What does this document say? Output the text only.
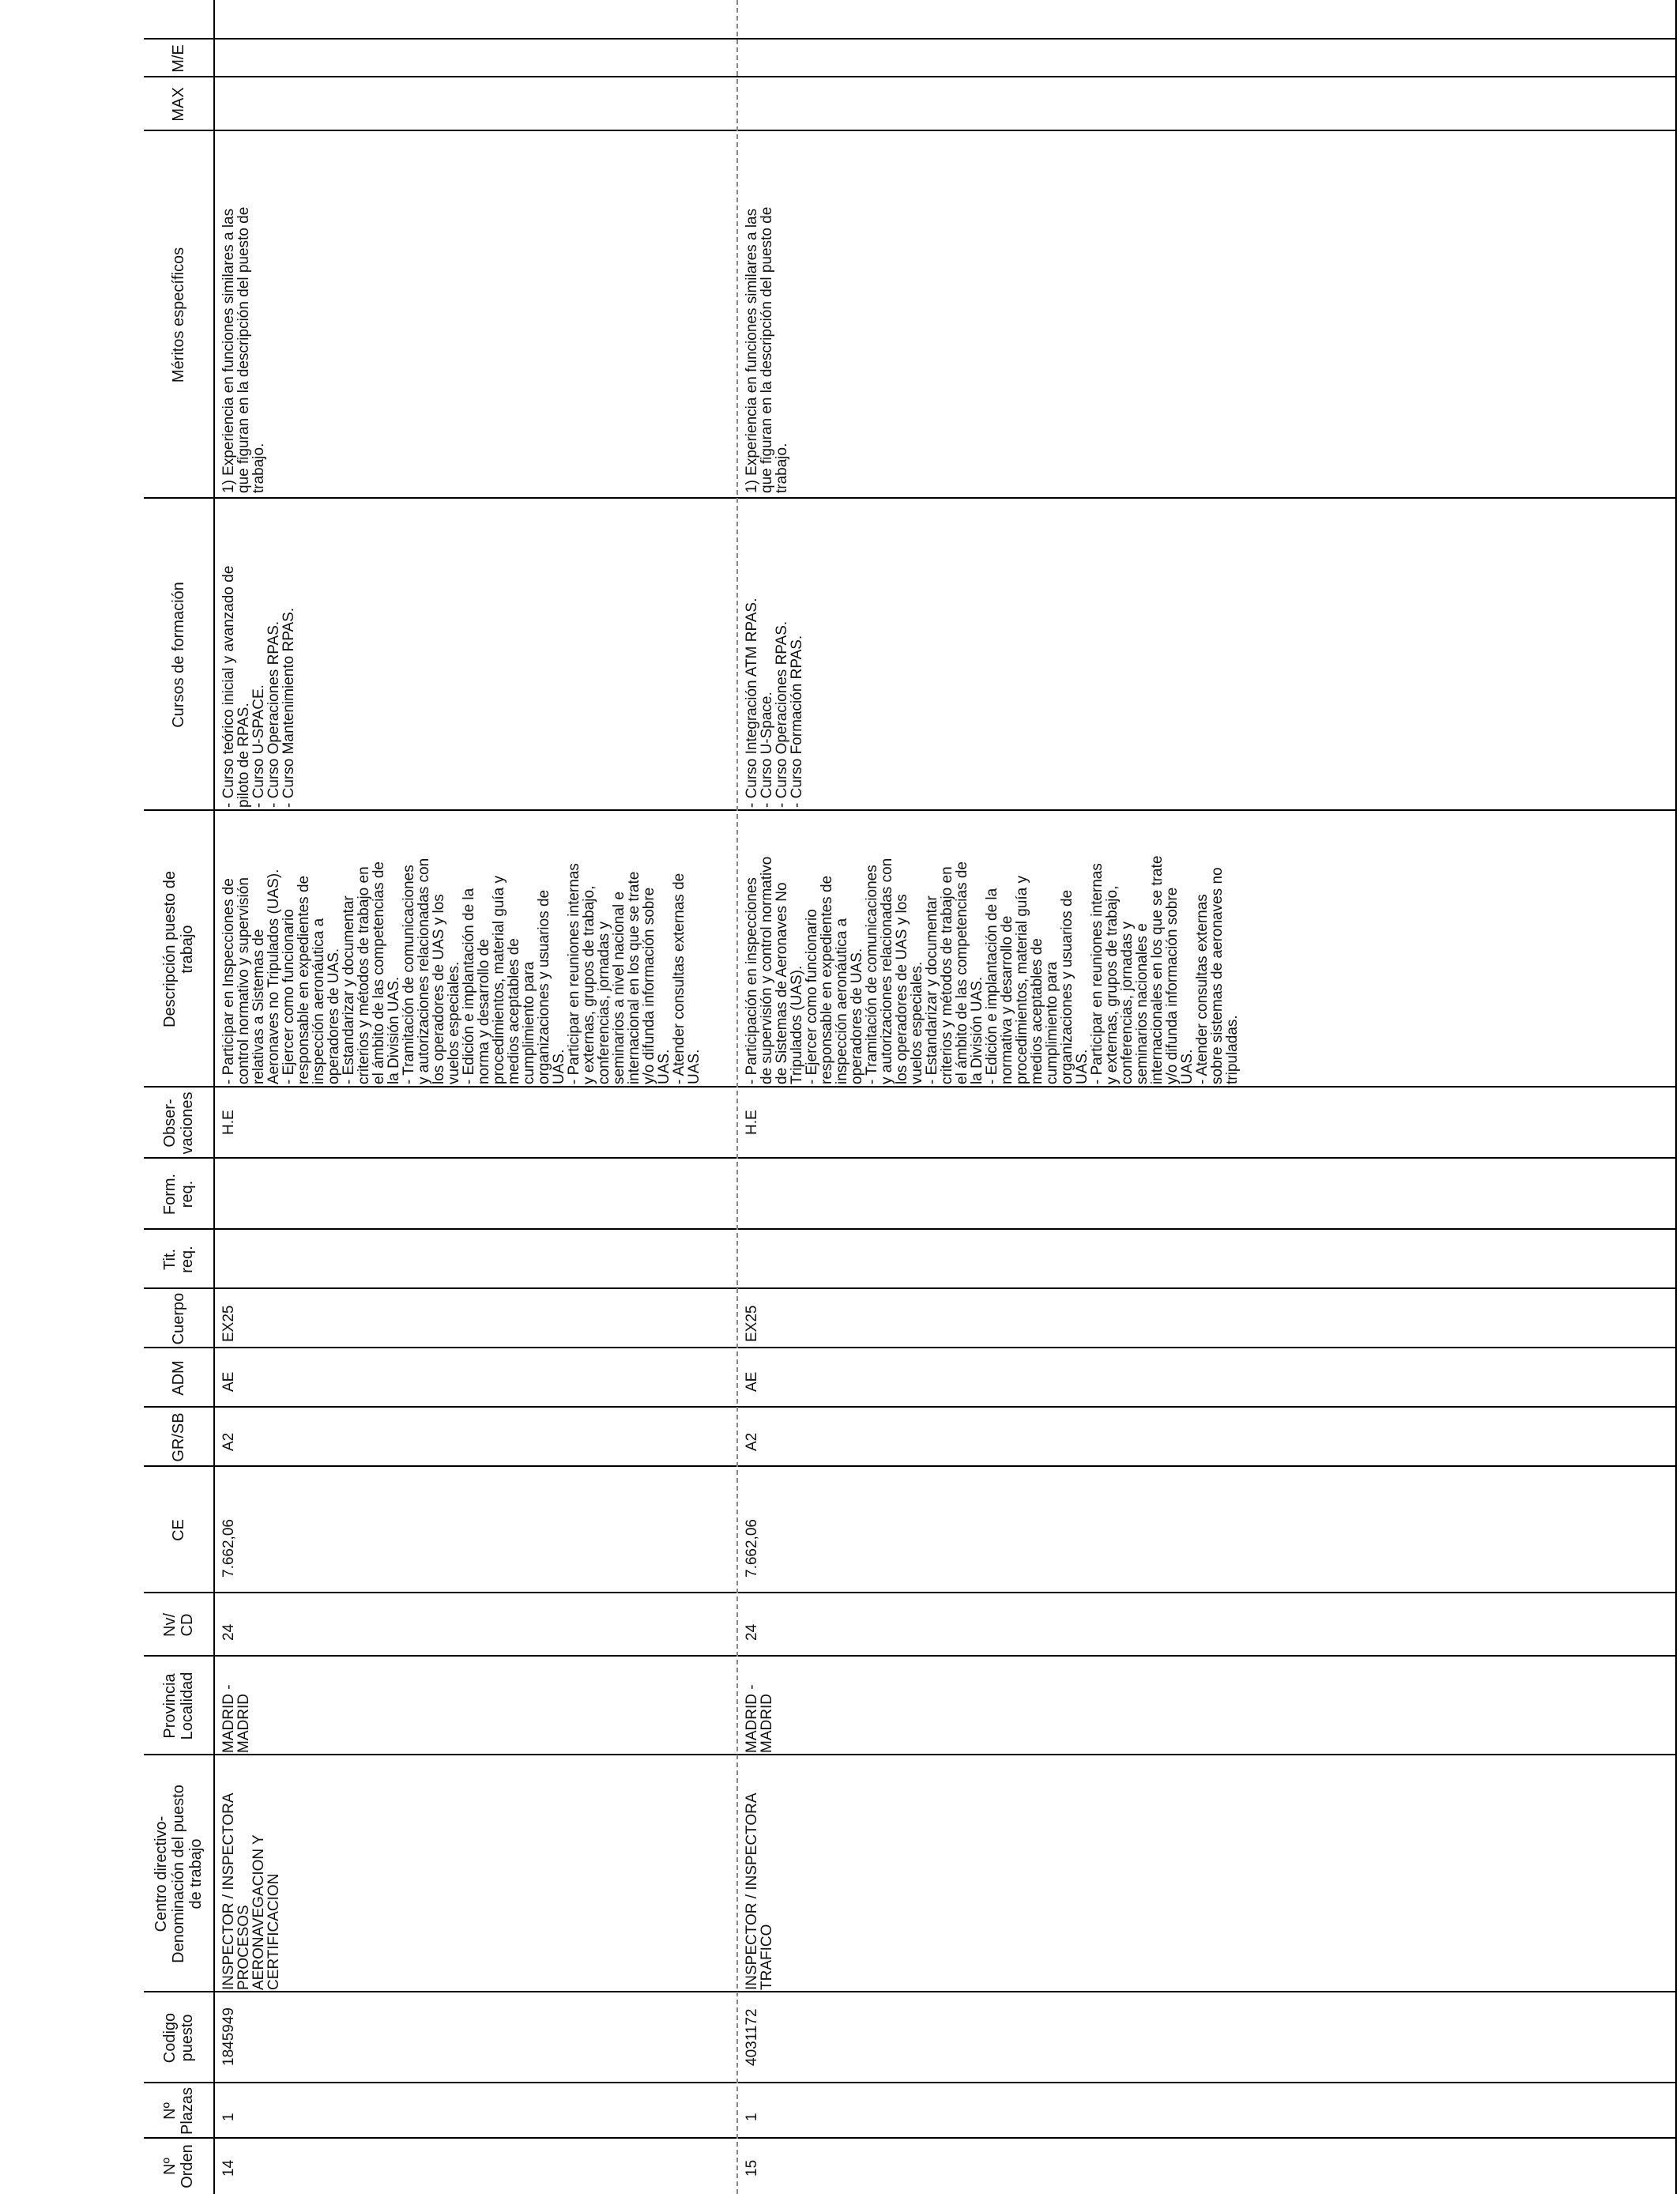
Nº
Orden
Nº
Plazas
Codigo
puesto
Centro directivo-
Denominación del puesto
de trabajo
Provincia
Localidad
Nv/
CD
CE
GR/SB
ADM
Cuerpo
Tit.
req.
Form.
req.
Obser-
vaciones
Descripción puesto de
trabajo
Cursos de formación
Méritos específicos
MAX
M/E
14
1
1845949
INSPECTOR / INSPECTORA
PROCESOS
AERONAVEGACION Y
CERTIFICACION
MADRID -
MADRID
24
7.662,06
A2
AE
EX25
H.E
- Participar en Inspecciones de
control normativo y supervisión
relativas a Sistemas de
Aeronaves no Tripulados (UAS).
- Ejercer como funcionario
responsable en expedientes de
inspección aeronáutica a
operadores de UAS.
- Estandarizar y documentar
criterios y métodos de trabajo en
el ámbito de las competencias de
la División UAS.
- Tramitación de comunicaciones
y autorizaciones relacionadas con
los operadores de UAS y los
vuelos especiales.
- Edición e implantación de la
norma y desarrollo de
procedimientos, material guía y
medios aceptables de
cumplimiento para
organizaciones y usuarios de
UAS.
- Participar en reuniones internas
y externas, grupos de trabajo,
conferencias, jornadas y
seminarios a nivel nacional e
internacional en los que se trate
y/o difunda información sobre
UAS.
- Atender consultas externas de
UAS.
- Curso teórico inicial y avanzado de
piloto de RPAS.
- Curso U-SPACE.
- Curso Operaciones RPAS.
- Curso Mantenimiento RPAS.
1) Experiencia en funciones similares a las
que figuran en la descripción del puesto de
trabajo.
15
1
4031172
INSPECTOR / INSPECTORA
TRAFICO
MADRID -
MADRID
24
7.662,06
A2
AE
EX25
H.E
- Participación en inspecciones
de supervisión y control normativo
de Sistemas de Aeronaves No
Tripulados (UAS).
- Ejercer como funcionario
responsable en expedientes de
inspección aeronáutica a
operadores de UAS.
- Tramitación de comunicaciones
y autorizaciones relacionadas con
los operadores de UAS y los
vuelos especiales.
- Estandarizar y documentar
criterios y métodos de trabajo en
el ámbito de las competencias de
la División UAS.
- Edición e implantación de la
normativa y desarrollo de
procedimientos, material guía y
medios aceptables de
cumplimiento para
organizaciones y usuarios de
UAS.
- Participar en reuniones internas
y externas, grupos de trabajo,
conferencias, jornadas y
seminarios nacionales e
internacionales en los que se trate
y/o difunda información sobre
UAS.
- Atender consultas externas
sobre sistemas de aeronaves no
tripuladas.
- Curso Integración ATM RPAS.
- Curso U-Space.
- Curso Operaciones RPAS.
- Curso Formación RPAS.
1) Experiencia en funciones similares a las
que figuran en la descripción del puesto de
trabajo.
